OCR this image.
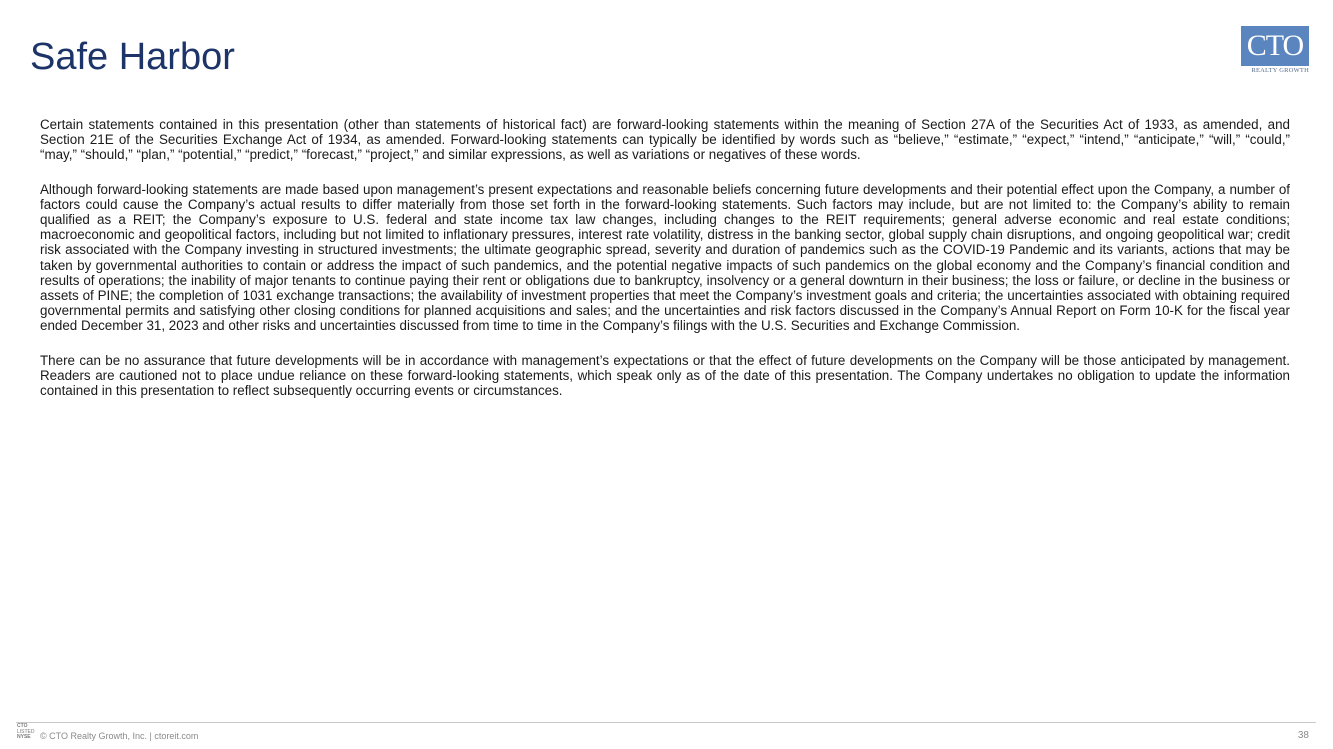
Safe Harbor	CTO
REALTY GROWTH

Certain statements contained in this presentation (other than statements of historical fact) are forward-looking statements within the meaning of Section 27A of the Securities Act of 1933, as amended, and Section 21E of the Securities Exchange Act of 1934, as amended. Forward-looking statements can typically be identified by words such as “believe,” “estimate,” “expect,” “intend,” “anticipate,” “will,” “could,” “may,” “should,” “plan,” “potential,” “predict,” “forecast,” “project,” and similar expressions, as well as variations or negatives of these words.

Although forward-looking statements are made based upon management’s present expectations and reasonable beliefs concerning future developments and their potential effect upon the Company, a number of factors could cause the Company’s actual results to differ materially from those set forth in the forward-looking statements. Such factors may include, but are not limited to: the Company’s ability to remain qualified as a REIT; the Company’s exposure to U.S. federal and state income tax law changes, including changes to the REIT requirements; general adverse economic and real estate conditions; macroeconomic and geopolitical factors, including but not limited to inflationary pressures, interest rate volatility, distress in the banking sector, global supply chain disruptions, and ongoing geopolitical war; credit risk associated with the Company investing in structured investments; the ultimate geographic spread, severity and duration of pandemics such as the COVID-19 Pandemic and its variants, actions that may be taken by governmental authorities to contain or address the impact of such pandemics, and the potential negative impacts of such pandemics on the global economy and the Company’s financial condition and results of operations; the inability of major tenants to continue paying their rent or obligations due to bankruptcy, insolvency or a general downturn in their business; the loss or failure, or decline in the business or assets of PINE; the completion of 1031 exchange transactions; the availability of investment properties that meet the Company’s investment goals and criteria; the uncertainties associated with obtaining required governmental permits and satisfying other closing conditions for planned acquisitions and sales; and the uncertainties and risk factors discussed in the Company’s Annual Report on Form 10-K for the fiscal year ended December 31, 2023 and other risks and uncertainties discussed from time to time in the Company’s filings with the U.S. Securities and Exchange Commission.

There can be no assurance that future developments will be in accordance with management’s expectations or that the effect of future developments on the Company will be those anticipated by management. Readers are cautioned not to place undue reliance on these forward-looking statements, which speak only as of the date of this presentation. The Company undertakes no obligation to update the information contained in this presentation to reflect subsequently occurring events or circumstances.

CTO
LISTED
NYSE	© CTO Realty Growth, Inc. | ctoreit.com	38
